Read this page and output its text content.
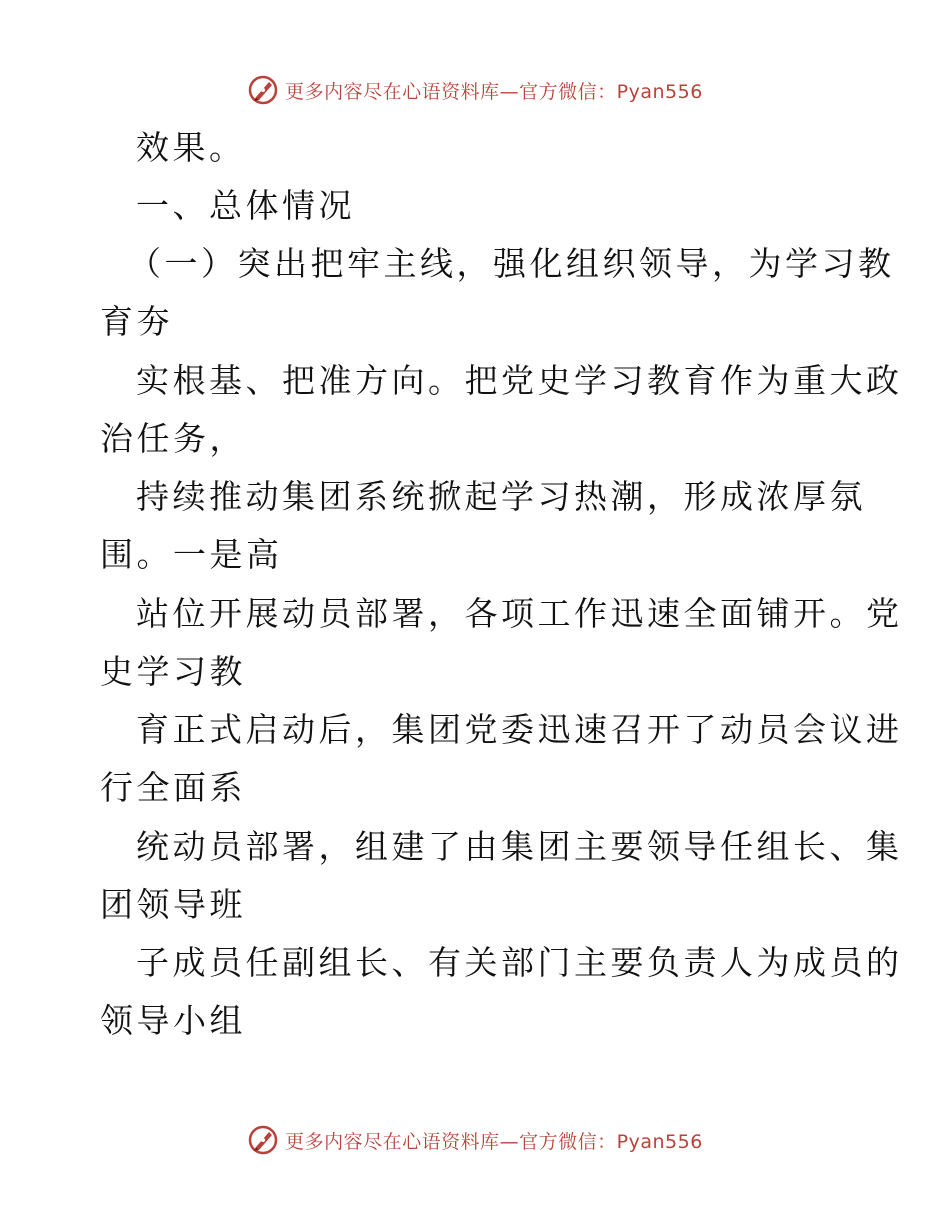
更多内容尽在心语资料库—官方微信：Pyan556
效果。
一、总体情况
（一）突出把牢主线，强化组织领导，为学习教
育夯
实根基、把准方向。把党史学习教育作为重大政
治任务，
持续推动集团系统掀起学习热潮，形成浓厚氛
围。一是高
站位开展动员部署，各项工作迅速全面铺开。党
史学习教
育正式启动后，集团党委迅速召开了动员会议进
行全面系
统动员部署，组建了由集团主要领导任组长、集
团领导班
子成员任副组长、有关部门主要负责人为成员的
领导小组
更多内容尽在心语资料库—官方微信：Pyan556
